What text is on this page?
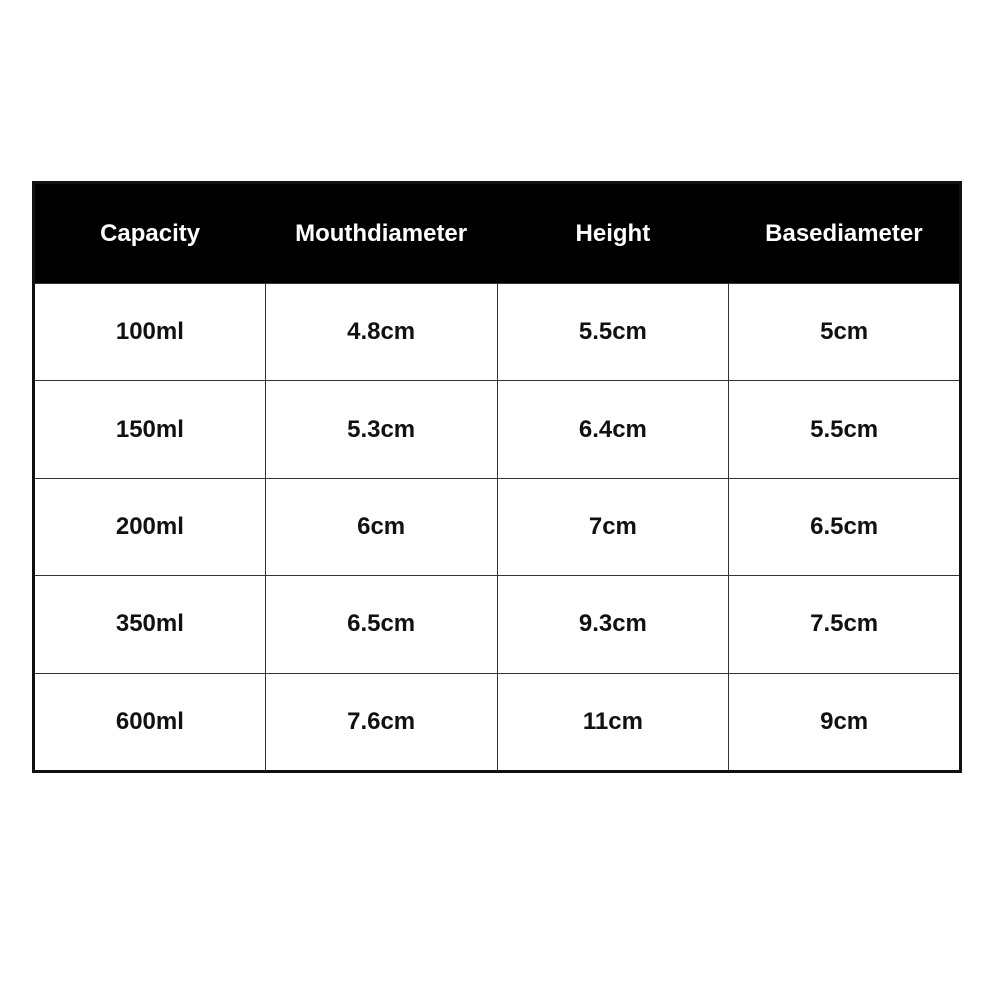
Capacity	Mouthdiameter	Height	Basediameter
100ml	4.8cm	5.5cm	5cm
150ml	5.3cm	6.4cm	5.5cm
200ml	6cm	7cm	6.5cm
350ml	6.5cm	9.3cm	7.5cm
600ml	7.6cm	11cm	9cm
